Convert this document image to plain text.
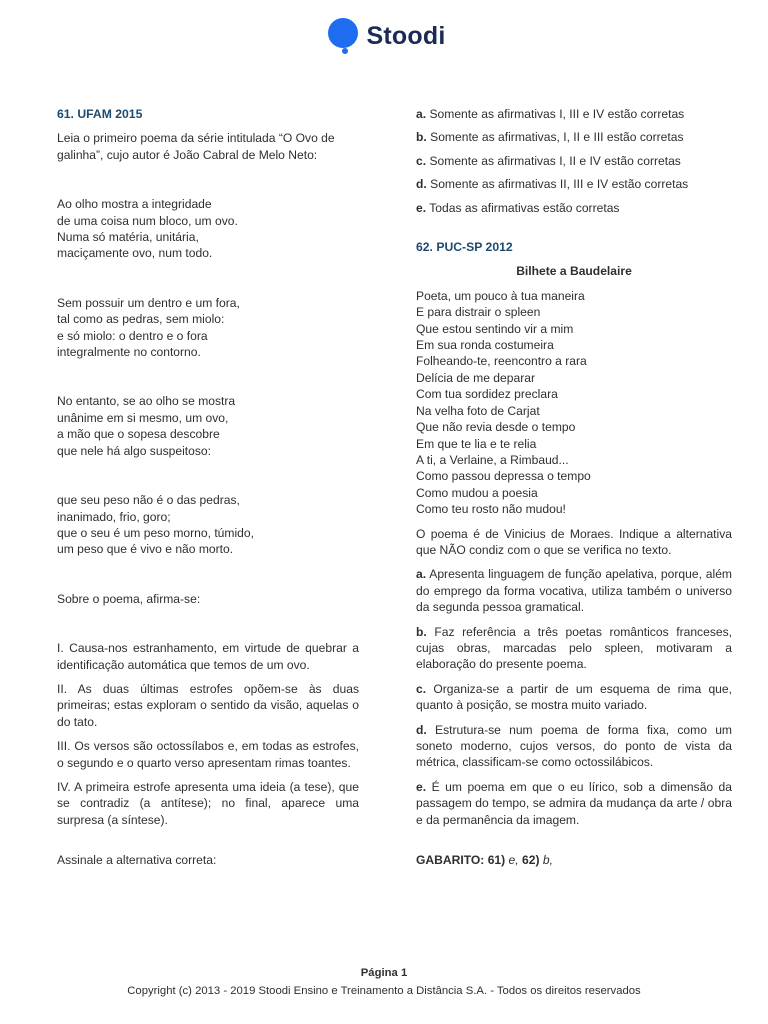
Stoodi

61. UFAM 2015

Leia o primeiro poema da série intitulada “O Ovo de galinha”, cujo autor é João Cabral de Melo Neto:

Ao olho mostra a integridade

de uma coisa num bloco, um ovo.

Numa só matéria, unitária,

maciçamente ovo, num todo.

Sem possuir um dentro e um fora,

tal como as pedras, sem miolo:

e só miolo: o dentro e o fora

integralmente no contorno.

No entanto, se ao olho se mostra

unânime em si mesmo, um ovo,

a mão que o sopesa descobre

que nele há algo suspeitoso:

que seu peso não é o das pedras,

inanimado, frio, goro;

que o seu é um peso morno, túmido,

um peso que é vivo e não morto.

Sobre o poema, afirma-se:

I. Causa-nos estranhamento, em virtude de quebrar a identificação automática que temos de um ovo.

II. As duas últimas estrofes opõem-se às duas primeiras; estas exploram o sentido da visão, aquelas o do tato.

III. Os versos são octossílabos e, em todas as estrofes, o segundo e o quarto verso apresentam rimas toantes.

IV. A primeira estrofe apresenta uma ideia (a tese), que se contradiz (a antítese); no final, aparece uma surpresa (a síntese).

Assinale a alternativa correta:

a. Somente as afirmativas I, III e IV estão corretas

b. Somente as afirmativas, I, II e III estão corretas

c. Somente as afirmativas I, II e IV estão corretas

d. Somente as afirmativas II, III e IV estão corretas

e. Todas as afirmativas estão corretas

62. PUC-SP 2012

Bilhete a Baudelaire

Poeta, um pouco à tua maneira

E para distrair o spleen

Que estou sentindo vir a mim

Em sua ronda costumeira

Folheando-te, reencontro a rara

Delícia de me deparar

Com tua sordidez preclara

Na velha foto de Carjat

Que não revia desde o tempo

Em que te lia e te relia

A ti, a Verlaine, a Rimbaud...

Como passou depressa o tempo

Como mudou a poesia

Como teu rosto não mudou!

O poema é de Vinicius de Moraes. Indique a alternativa que NÃO condiz com o que se verifica no texto.

a. Apresenta linguagem de função apelativa, porque, além do emprego da forma vocativa, utiliza também o universo da segunda pessoa gramatical.

b. Faz referência a três poetas românticos franceses, cujas obras, marcadas pelo spleen, motivaram a elaboração do presente poema.

c. Organiza-se a partir de um esquema de rima que, quanto à posição, se mostra muito variado.

d. Estrutura-se num poema de forma fixa, como um soneto moderno, cujos versos, do ponto de vista da métrica, classificam-se como octossilábicos.

e. É um poema em que o eu lírico, sob a dimensão da passagem do tempo, se admira da mudança da arte / obra e da permanência da imagem.

GABARITO: 61) e, 62) b,

Página 1
Copyright (c) 2013 - 2019 Stoodi Ensino e Treinamento a Distância S.A. - Todos os direitos reservados
